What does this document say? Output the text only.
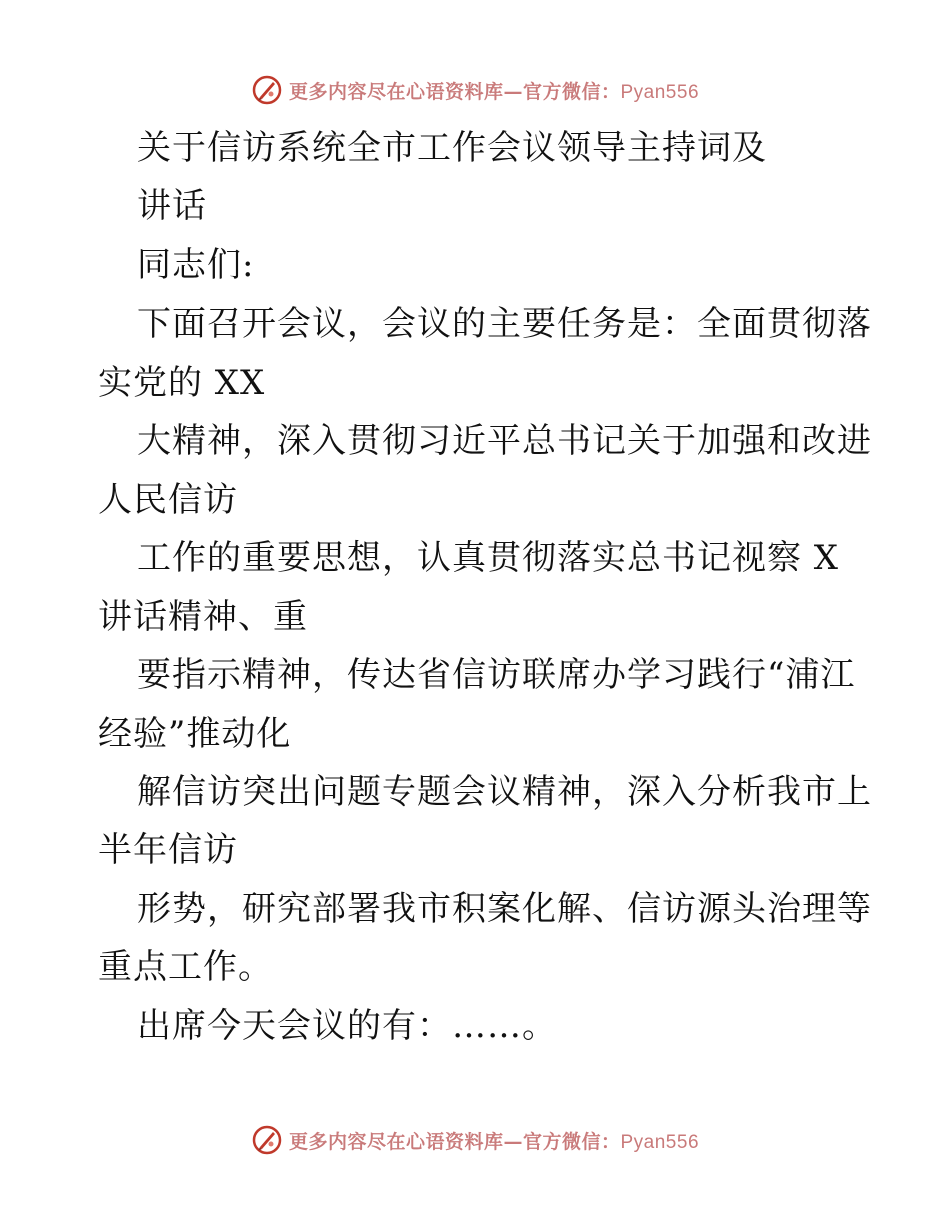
更多内容尽在心语资料库—官方微信：Pyan556
关于信访系统全市工作会议领导主持词及
讲话
同志们:
下面召开会议，会议的主要任务是：全面贯彻落
实党的 XX
大精神，深入贯彻习近平总书记关于加强和改进
人民信访
工作的重要思想，认真贯彻落实总书记视察 X
讲话精神、重
要指示精神，传达省信访联席办学习践行“浦江
经验”推动化
解信访突出问题专题会议精神，深入分析我市上
半年信访
形势，研究部署我市积案化解、信访源头治理等
重点工作。
出席今天会议的有：……。
更多内容尽在心语资料库—官方微信：Pyan556
